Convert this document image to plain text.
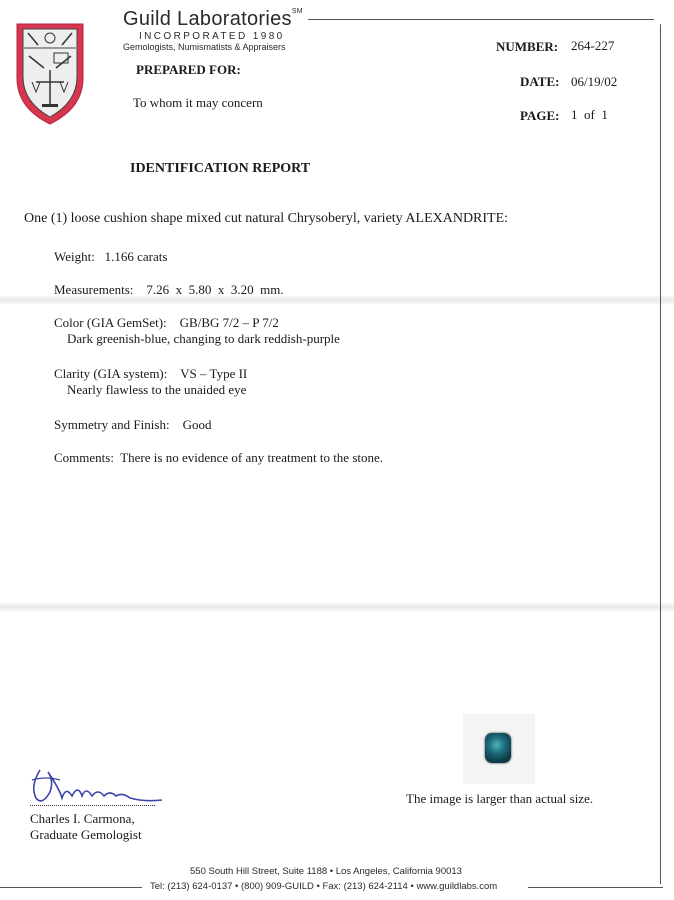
Guild Laboratories℠
INCORPORATED 1980
Gemologists, Numismatists & Appraisers
PREPARED FOR:
To whom it may concern
NUMBER: 264-227
DATE: 06/19/02
PAGE: 1  of  1
IDENTIFICATION REPORT
One (1) loose cushion shape mixed cut natural Chrysoberyl, variety ALEXANDRITE:
Weight: 1.166 carats
Measurements: 7.26  x  5.80  x  3.20  mm.
Color (GIA GemSet): GB/BG 7/2 – P 7/2
Dark greenish-blue, changing to dark reddish-purple
Clarity (GIA system): VS – Type II
Nearly flawless to the unaided eye
Symmetry and Finish: Good
Comments: There is no evidence of any treatment to the stone.
The image is larger than actual size.
Charles I. Carmona,
Graduate Gemologist
550 South Hill Street, Suite 1188 • Los Angeles, California 90013
Tel: (213) 624-0137 • (800) 909-GUILD • Fax: (213) 624-2114 • www.guildlabs.com
